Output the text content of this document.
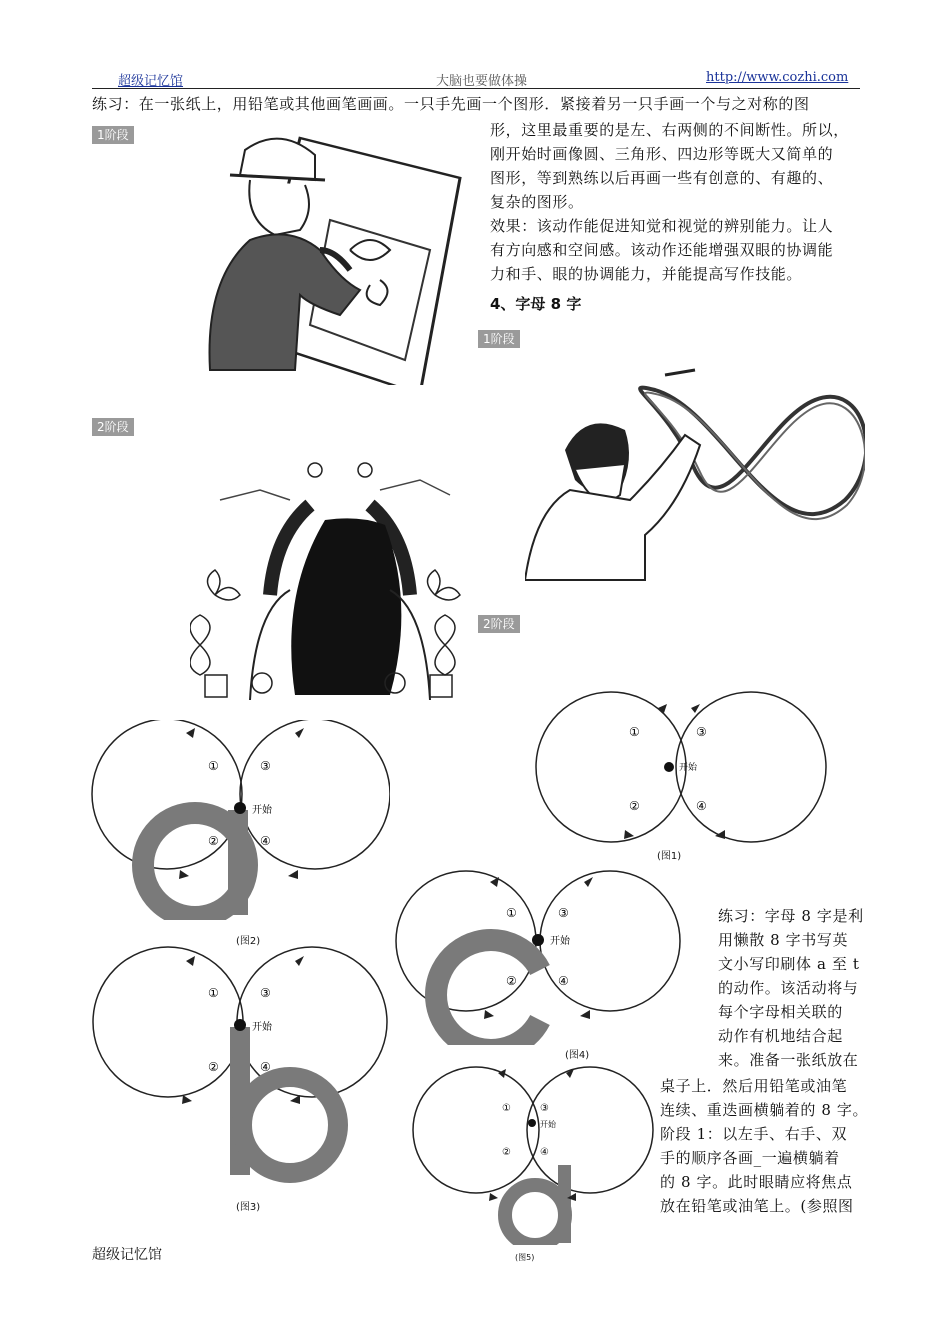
超级记忆馆	大脑也要做体操	http://www.cozhi.com
练习：在一张纸上，用铅笔或其他画笔画画。一只手先画一个图形．紧接着另一只手画一个与之对称的图
1阶段	形，这里最重要的是左、右两侧的不间断性。所以，
刚开始时画像圆、三角形、四边形等既大又简单的
图形，等到熟练以后再画一些有创意的、有趣的、
复杂的图形。
效果：该动作能促进知觉和视觉的辨别能力。让人
有方向感和空间感。该动作还能增强双眼的协调能
力和手、眼的协调能力，并能提高写作技能。
4、字母 8 字
1阶段
2阶段
2阶段
开始
①	③
②	④
(图1)
开始
①	③
②	④
(图2)	开始
①	③
②	④
(图4)
练习：字母 8 字是利
用懒散 8 字书写英
文小写印刷体 a 至 t
的动作。该活动将与
每个字母相关联的
动作有机地结合起
来。准备一张纸放在
桌子上．然后用铅笔或油笔
连续、重迭画横躺着的 8 字。
阶段 1：以左手、右手、双
手的顺序各画_一遍横躺着
的 8 字。此时眼睛应将焦点
放在铅笔或油笔上。(参照图
开始
①	③
②	④
(图3)
开始
①	③
②	④
(图5)
超级记忆馆
